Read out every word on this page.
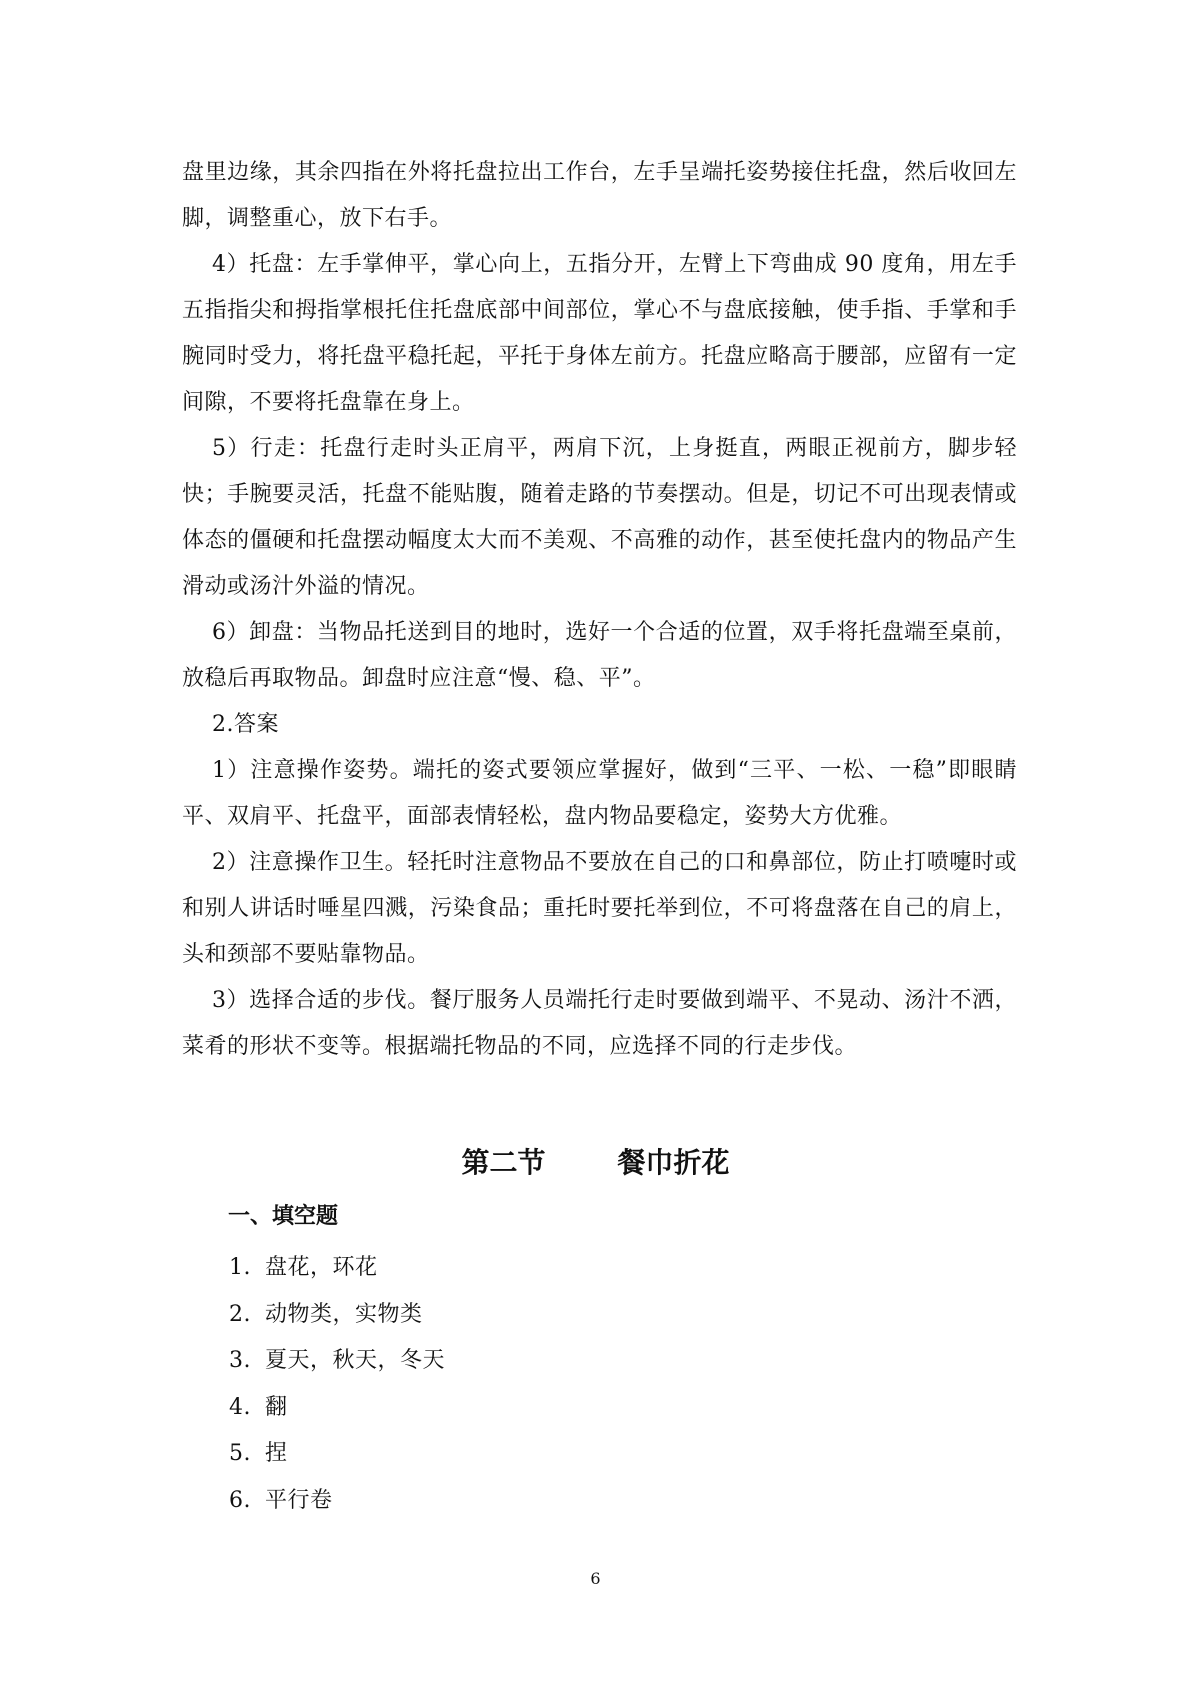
盘里边缘，其余四指在外将托盘拉出工作台，左手呈端托姿势接住托盘，然后收回左脚，调整重心，放下右手。

4）托盘：左手掌伸平，掌心向上，五指分开，左臂上下弯曲成 90 度角，用左手五指指尖和拇指掌根托住托盘底部中间部位，掌心不与盘底接触，使手指、手掌和手腕同时受力，将托盘平稳托起，平托于身体左前方。托盘应略高于腰部，应留有一定间隙，不要将托盘靠在身上。

5）行走：托盘行走时头正肩平，两肩下沉，上身挺直，两眼正视前方，脚步轻快；手腕要灵活，托盘不能贴腹，随着走路的节奏摆动。但是，切记不可出现表情或体态的僵硬和托盘摆动幅度太大而不美观、不高雅的动作，甚至使托盘内的物品产生滑动或汤汁外溢的情况。

6）卸盘：当物品托送到目的地时，选好一个合适的位置，双手将托盘端至桌前，放稳后再取物品。卸盘时应注意“慢、稳、平”。

2.答案

1）注意操作姿势。端托的姿式要领应掌握好，做到“三平、一松、一稳”即眼睛平、双肩平、托盘平，面部表情轻松，盘内物品要稳定，姿势大方优雅。

2）注意操作卫生。轻托时注意物品不要放在自己的口和鼻部位，防止打喷嚏时或和别人讲话时唾星四溅，污染食品；重托时要托举到位，不可将盘落在自己的肩上，头和颈部不要贴靠物品。

3）选择合适的步伐。餐厅服务人员端托行走时要做到端平、不晃动、汤汁不洒，菜肴的形状不变等。根据端托物品的不同，应选择不同的行走步伐。

第二节	餐巾折花
一、填空题
1. 盘花，环花
2. 动物类，实物类
3. 夏天，秋天，冬天
4. 翻
5. 捏
6. 平行卷
6
